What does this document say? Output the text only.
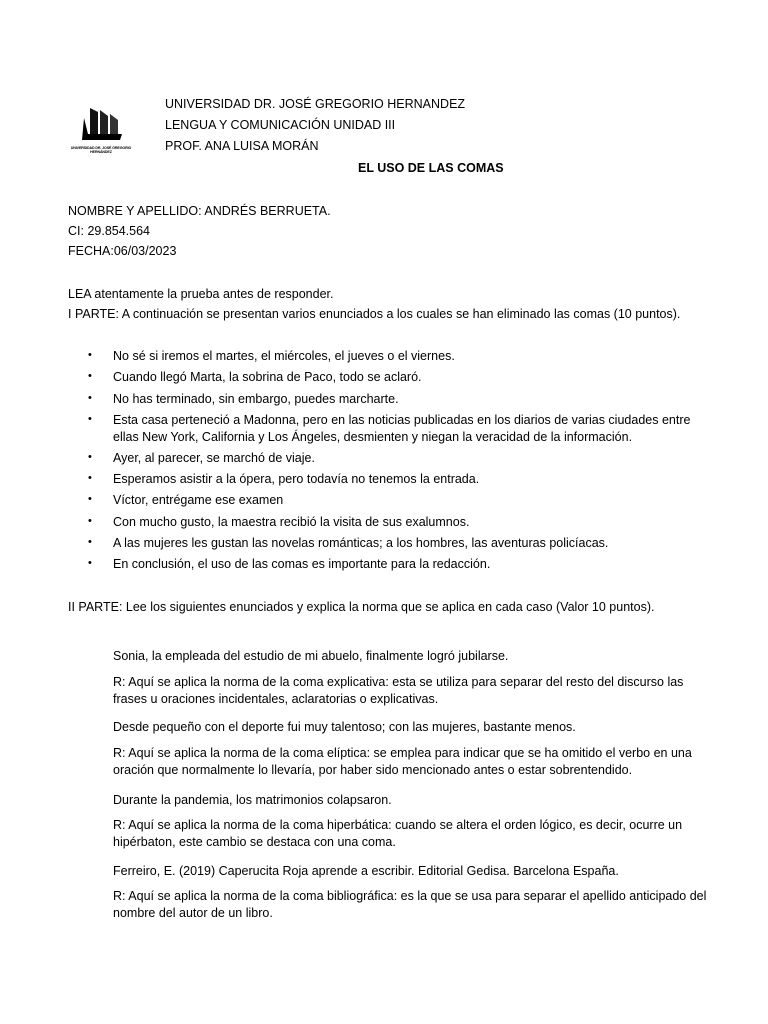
UNIVERSIDAD DR. JOSÉ GREGORIO HERNÁNDEZ
UNIVERSIDAD DR. JOSÉ GREGORIO HERNANDEZ
LENGUA Y COMUNICACIÓN UNIDAD III
PROF. ANA LUISA MORÁN
EL USO DE LAS COMAS
NOMBRE Y APELLIDO: ANDRÉS BERRUETA.
CI: 29.854.564
FECHA:06/03/2023
LEA atentamente la prueba antes de responder.
I PARTE: A continuación se presentan varios enunciados a los cuales se han eliminado las comas (10 puntos).
• No sé si iremos el martes, el miércoles, el jueves o el viernes.
• Cuando llegó Marta, la sobrina de Paco, todo se aclaró.
• No has terminado, sin embargo, puedes marcharte.
• Esta casa perteneció a Madonna, pero en las noticias publicadas en los diarios de varias ciudades entre ellas New York, California y Los Ángeles, desmienten y niegan la veracidad de la información.
• Ayer, al parecer, se marchó de viaje.
• Esperamos asistir a la ópera, pero todavía no tenemos la entrada.
• Víctor, entrégame ese examen
• Con mucho gusto, la maestra recibió la visita de sus exalumnos.
• A las mujeres les gustan las novelas románticas; a los hombres, las aventuras policíacas.
• En conclusión, el uso de las comas es importante para la redacción.
II PARTE: Lee los siguientes enunciados y explica la norma que se aplica en cada caso (Valor 10 puntos).
Sonia, la empleada del estudio de mi abuelo, finalmente logró jubilarse.
R: Aquí se aplica la norma de la coma explicativa: esta se utiliza para separar del resto del discurso las frases u oraciones incidentales, aclaratorias o explicativas.
Desde pequeño con el deporte fui muy talentoso; con las mujeres, bastante menos.
R: Aquí se aplica la norma de la coma elíptica: se emplea para indicar que se ha omitido el verbo en una oración que normalmente lo llevaría, por haber sido mencionado antes o estar sobrentendido.
Durante la pandemia, los matrimonios colapsaron.
R: Aquí se aplica la norma de la coma hiperbática: cuando se altera el orden lógico, es decir, ocurre un hipérbaton, este cambio se destaca con una coma.
Ferreiro, E. (2019) Caperucita Roja aprende a escribir. Editorial Gedisa. Barcelona España.
R: Aquí se aplica la norma de la coma bibliográfica: es la que se usa para separar el apellido anticipado del nombre del autor de un libro.
